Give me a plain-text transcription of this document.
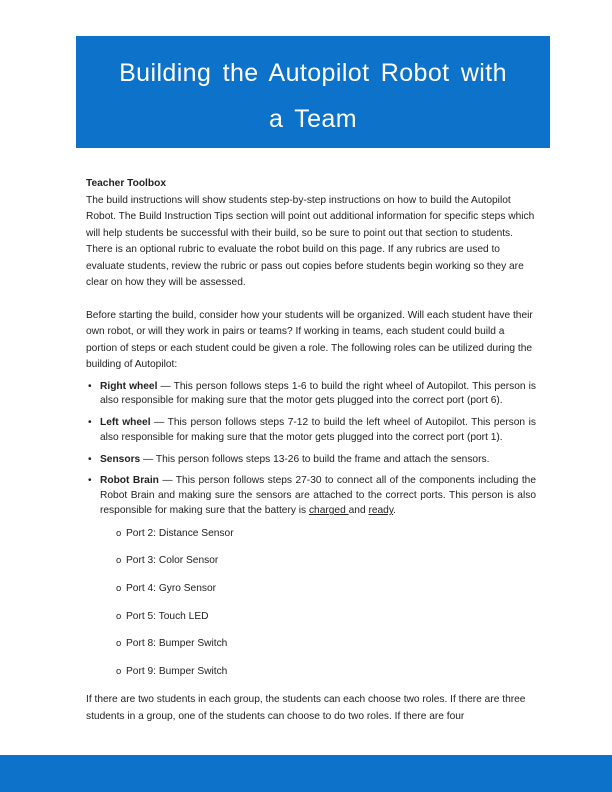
Building the Autopilot Robot with
a Team
Teacher Toolbox

The build instructions will show students step-by-step instructions on how to build the Autopilot Robot. The Build Instruction Tips section will point out additional information for specific steps which will help students be successful with their build, so be sure to point out that section to students. There is an optional rubric to evaluate the robot build on this page. If any rubrics are used to evaluate students, review the rubric or pass out copies before students begin working so they are clear on how they will be assessed.

Before starting the build, consider how your students will be organized. Will each student have their own robot, or will they work in pairs or teams? If working in teams, each student could build a portion of steps or each student could be given a role. The following roles can be utilized during the building of Autopilot:

• Right wheel — This person follows steps 1-6 to build the right wheel of Autopilot. This person is also responsible for making sure that the motor gets plugged into the correct port (port 6).
• Left wheel — This person follows steps 7-12 to build the left wheel of Autopilot. This person is also responsible for making sure that the motor gets plugged into the correct port (port 1).
• Sensors — This person follows steps 13-26 to build the frame and attach the sensors.
• Robot Brain — This person follows steps 27-30 to connect all of the components including the Robot Brain and making sure the sensors are attached to the correct ports. This person is also responsible for making sure that the battery is charged and ready.
o Port 2: Distance Sensor
o Port 3: Color Sensor
o Port 4: Gyro Sensor
o Port 5: Touch LED
o Port 8: Bumper Switch
o Port 9: Bumper Switch

If there are two students in each group, the students can each choose two roles. If there are three students in a group, one of the students can choose to do two roles. If there are four
